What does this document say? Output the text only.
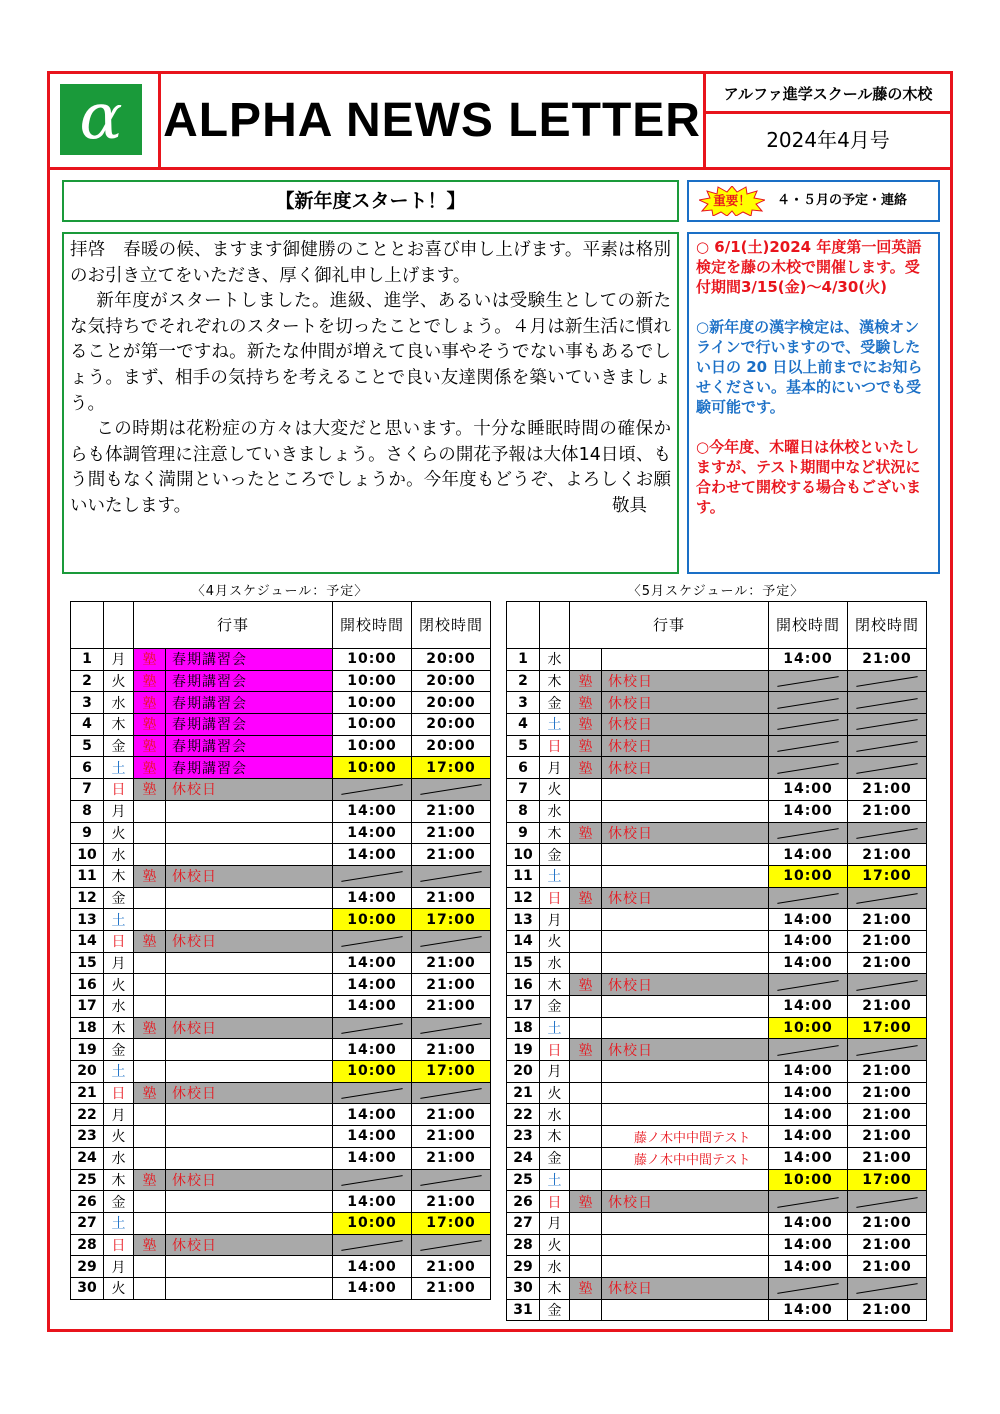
α ALPHA NEWS LETTER	アルファ進学スクール藤の木校
2024年4月号
【新年度スタート！】

拝啓　春暖の候、ますます御健勝のこととお喜び申し上げます。平素は格別のお引き立てをいただき、厚く御礼申し上げます。

新年度がスタートしました。進級、進学、あるいは受験生としての新たな気持ちでそれぞれのスタートを切ったことでしょう。４月は新生活に慣れることが第一ですね。新たな仲間が増えて良い事やそうでない事もあるでしょう。まず、相手の気持ちを考えることで良い友達関係を築いていきましょう。

この時期は花粉症の方々は大変だと思います。十分な睡眠時間の確保からも体調管理に注意していきましょう。さくらの開花予報は大体14日頃、もう間もなく満開といったところでしょうか。今年度もどうぞ、よろしくお願いいたします。	敬具

重要！	４・５月の予定・連絡

○ 6/1(土)2024 年度第一回英語検定を藤の木校で開催します。受付期間3/15(金)～4/30(火)

○新年度の漢字検定は、漢検オンラインで行いますので、受験したい日の 20 日以上前までにお知らせください。基本的にいつでも受験可能です。

○今年度、木曜日は休校といたしますが、テスト期間中など状況に合わせて開校する場合もございます。

〈4月スケジュール：予定〉	〈5月スケジュール：予定〉
		行事		開校時間	閉校時間
1	月	塾	春期講習会	10:00	20:00
2	火	塾	春期講習会	10:00	20:00
3	水	塾	春期講習会	10:00	20:00
4	木	塾	春期講習会	10:00	20:00
5	金	塾	春期講習会	10:00	20:00
6	土	塾	春期講習会	10:00	17:00
7	日	塾	休校日	

8	月			14:00	21:00
9	火			14:00	21:00
10	水			14:00	21:00
11	木	塾	休校日	

12	金			14:00	21:00
13	土			10:00	17:00
14	日	塾	休校日	

15	月			14:00	21:00
16	火			14:00	21:00
17	水			14:00	21:00
18	木	塾	休校日	

19	金			14:00	21:00
20	土			10:00	17:00
21	日	塾	休校日	

22	月			14:00	21:00
23	火			14:00	21:00
24	水			14:00	21:00
25	木	塾	休校日	

26	金			14:00	21:00
27	土			10:00	17:00
28	日	塾	休校日	

29	月			14:00	21:00
30	火			14:00	21:00
		行事		開校時間	閉校時間
1	水			14:00	21:00
2	木	塾	休校日	

3	金	塾	休校日	

4	土	塾	休校日	

5	日	塾	休校日	

6	月	塾	休校日	

7	火			14:00	21:00
8	水			14:00	21:00
9	木	塾	休校日	

10	金			14:00	21:00
11	土			10:00	17:00
12	日	塾	休校日	

13	月			14:00	21:00
14	火			14:00	21:00
15	水			14:00	21:00
16	木	塾	休校日	

17	金			14:00	21:00
18	土			10:00	17:00
19	日	塾	休校日	

20	月			14:00	21:00
21	火			14:00	21:00
22	水			14:00	21:00
23	木		藤ノ木中中間テスト	14:00	21:00
24	金		藤ノ木中中間テスト	14:00	21:00
25	土			10:00	17:00
26	日	塾	休校日	

27	月			14:00	21:00
28	火			14:00	21:00
29	水			14:00	21:00
30	木	塾	休校日	

31	金			14:00	21:00
